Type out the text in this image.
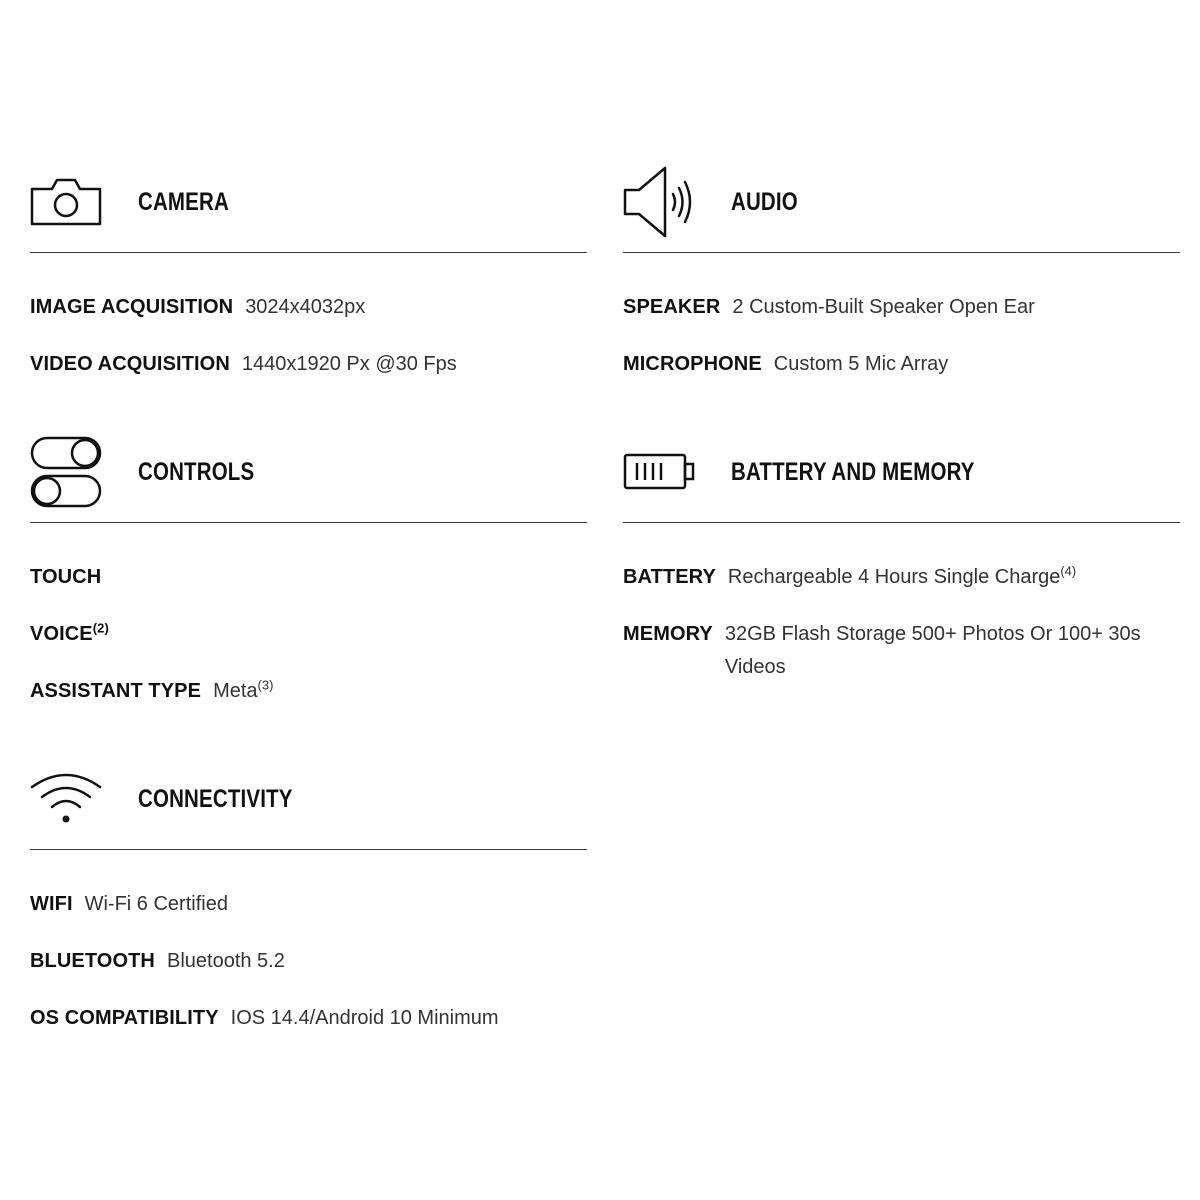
CAMERA
IMAGE ACQUISITION 3024x4032px
VIDEO ACQUISITION 1440x1920 Px @30 Fps
AUDIO
SPEAKER 2 Custom-Built Speaker Open Ear
MICROPHONE Custom 5 Mic Array
CONTROLS
TOUCH
VOICE$^{(2)}$
ASSISTANT TYPE Meta$^{(3)}$
BATTERY AND MEMORY
BATTERY Rechargeable 4 Hours Single Charge$^{(4)}$
MEMORY 32GB Flash Storage 500+ Photos Or 100+ 30s Videos
CONNECTIVITY
WIFI Wi-Fi 6 Certified
BLUETOOTH Bluetooth 5.2
OS COMPATIBILITY IOS 14.4/Android 10 Minimum
